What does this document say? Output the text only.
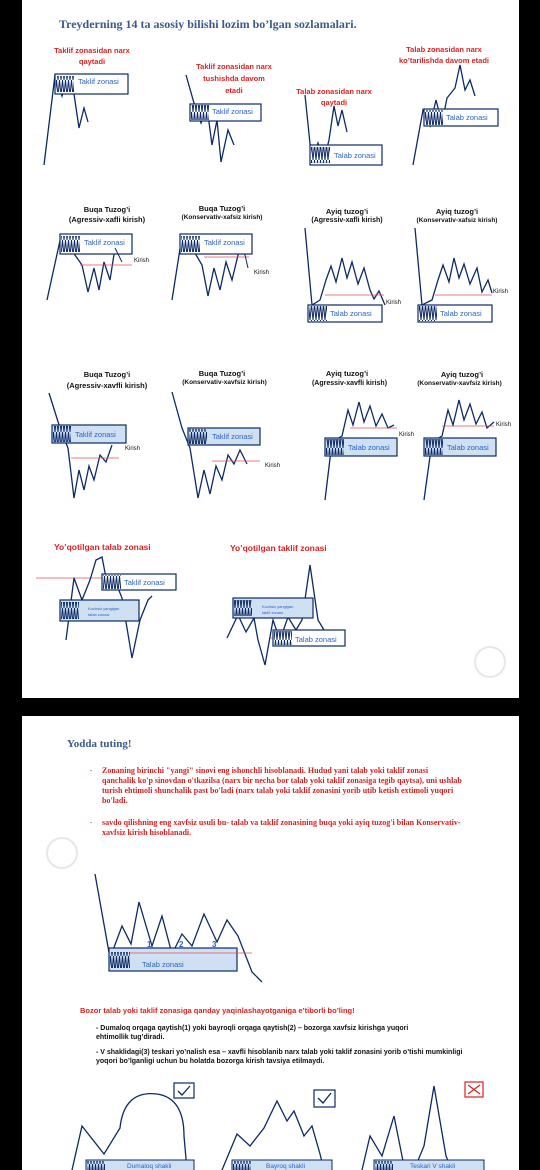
Treyderning 14 ta asosiy bilishi lozim bo’lgan sozlamalari.
Taklif zonasidan narx qaytadi
Taklif zonasidan narx tushishda davom etadi	Talab zonasidan narx qaytadi
Talab zonasidan narx ko’tarilishda davom etadi
Buqa Tuzog’i
(Agressiv-xafli kirish)
Buqa Tuzog’i
(Konservativ-xafsiz kirish)
Ayiq tuzog’i
(Agressiv-xafli kirish)
Ayiq tuzog’i
(Konservativ-xafsiz kirish)
Buqa Tuzog’i
(Agressiv-xavfli kirish)
Buqa Tuzog’i
(Konservativ-xavfsiz kirish)
Ayiq tuzog’i
(Agressiv-xavfli kirish)
Ayiq tuzog’i
(Konservativ-xavfsiz kirish)
Yo’qotilgan talab zonasi	Yo’qotilgan taklif zonasi
Taklif zonasi
Taklif zonasi
Talab zonasi
Talab zonasi
Taklif zonasi
Kirish
Taklif zonasi
Kirish
Talab zonasi
Kirish
Talab zonasi
Kirish
Taklif zonasi
Kirish
Taklif zonasi
Kirish
Talab zonasi
Kirish
Talab zonasi
Kirish
Taklif zonasi
Kuchsiz yangigan
talab zonasi
Kuchsiz yangigan
taklif zonasi
Talab zonasi
Yodda tuting!
Zonaning birinchi "yangi" sinovi eng ishonchli hisoblanadi. Hudud yani talab yoki taklif zonasi qanchalik ko'p sinovdan o'tkazilsa (narx bir necha bor talab yoki taklif zonasiga tegib qaytsa), uni ushlab turish ehtimoli shunchalik past bo'ladi (narx talab yoki taklif zonasini yorib utib ketish extimoli yuqori bo'ladi.
savdo qilishning eng xavfsiz usuli bu- talab va taklif zonasining buqa yoki ayiq tuzog'i bilan Konservativ-xavfsiz kirish hisoblanadi.
-
-
Talab zonasi
1	2	3
Bozor talab yoki taklif zonasiga qanday yaqinlashayotganiga e’tiborli bo’ling!
- Dumaloq orqaga qaytish(1) yoki bayroqli orqaga qaytish(2) – bozorga xavfsiz kirishga yuqori ehtimollik tug’diradi.
- V shaklidagi(3) teskari yo’nalish esa – xavfli hisoblanib narx talab yoki taklif zonasini yorib o’tishi mumkinligi yoqori bo’lganligi uchun bu holatda bozorga kirish tavsiya etilmaydi.
Dumaloq shakli	Bayroq shakli	Teskari V shakli
